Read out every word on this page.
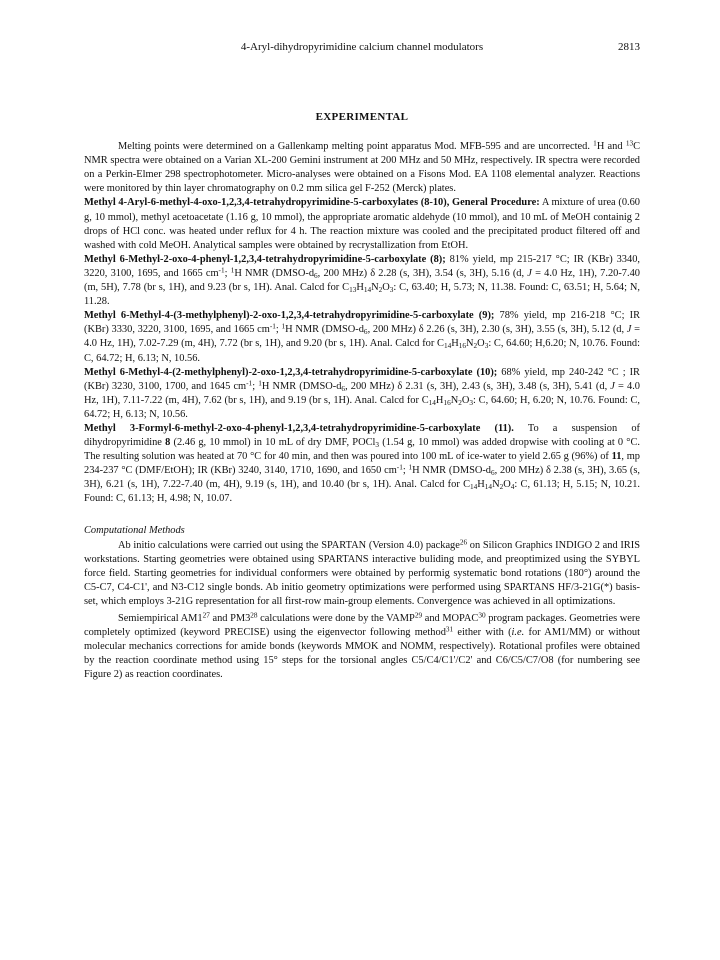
4-Aryl-dihydropyrimidine calcium channel modulators	2813
EXPERIMENTAL

Melting points were determined on a Gallenkamp melting point apparatus Mod. MFB-595 and are uncorrected. $^1$H and $^{13}$C NMR spectra were obtained on a Varian XL-200 Gemini instrument at 200 MHz and 50 MHz, respectively. IR spectra were recorded on a Perkin-Elmer 298 spectrophotometer. Micro-analyses were obtained on a Fisons Mod. EA 1108 elemental analyzer. Reactions were monitored by thin layer chromatography on 0.2 mm silica gel F-252 (Merck) plates.

Methyl 4-Aryl-6-methyl-4-oxo-1,2,3,4-tetrahydropyrimidine-5-carboxylates (8-10), General Procedure: A mixture of urea (0.60 g, 10 mmol), methyl acetoacetate (1.16 g, 10 mmol), the appropriate aromatic aldehyde (10 mmol), and 10 mL of MeOH containig 2 drops of HCl conc. was heated under reflux for 4 h. The reaction mixture was cooled and the precipitated product filtered off and washed with cold MeOH. Analytical samples were obtained by recrystallization from EtOH.

Methyl 6-Methyl-2-oxo-4-phenyl-1,2,3,4-tetrahydropyrimidine-5-carboxylate (8); 81% yield, mp 215-217 °C; IR (KBr) 3340, 3220, 3100, 1695, and 1665 $cm^{-1}$; $^1$H NMR ($DMSO-d_6$, 200 MHz) δ 2.28 (s, 3H), 3.54 (s, 3H), 5.16 (d, J = 4.0 Hz, 1H), 7.20-7.40 (m, 5H), 7.78 (br s, 1H), and 9.23 (br s, 1H). Anal. Calcd for $C_{13}H_{14}N_2O_3$: C, 63.40; H, 5.73; N, 11.38. Found: C, 63.51; H, 5.64; N, 11.28.

Methyl 6-Methyl-4-(3-methylphenyl)-2-oxo-1,2,3,4-tetrahydropyrimidine-5-carboxylate (9); 78% yield, mp 216-218 °C; IR (KBr) 3330, 3220, 3100, 1695, and 1665 $cm^{-1}$; $^1$H NMR ($DMSO-d_6$, 200 MHz) δ 2.26 (s, 3H), 2.30 (s, 3H), 3.55 (s, 3H), 5.12 (d, J = 4.0 Hz, 1H), 7.02-7.29 (m, 4H), 7.72 (br s, 1H), and 9.20 (br s, 1H). Anal. Calcd for $C_{14}H_{16}N_2O_3$: C, 64.60; H,6.20; N, 10.76. Found: C, 64.72; H, 6.13; N, 10.56.

Methyl 6-Methyl-4-(2-methylphenyl)-2-oxo-1,2,3,4-tetrahydropyrimidine-5-carboxylate (10); 68% yield, mp 240-242 °C ; IR (KBr) 3230, 3100, 1700, and 1645 $cm^{-1}$; $^1$H NMR ($DMSO-d_6$, 200 MHz) δ 2.31 (s, 3H), 2.43 (s, 3H), 3.48 (s, 3H), 5.41 (d, J = 4.0 Hz, 1H), 7.11-7.22 (m, 4H), 7.62 (br s, 1H), and 9.19 (br s, 1H). Anal. Calcd for $C_{14}H_{16}N_2O_3$: C, 64.60; H, 6.20; N, 10.76. Found: C, 64.72; H, 6.13; N, 10.56.

Methyl 3-Formyl-6-methyl-2-oxo-4-phenyl-1,2,3,4-tetrahydropyrimidine-5-carboxylate (11). To a suspension of dihydropyrimidine 8 (2.46 g, 10 mmol) in 10 mL of dry DMF, POCl$_3$ (1.54 g, 10 mmol) was added dropwise with cooling at 0 °C. The resulting solution was heated at 70 °C for 40 min, and then was poured into 100 mL of ice-water to yield 2.65 g (96%) of 11, mp 234-237 °C (DMF/EtOH); IR (KBr) 3240, 3140, 1710, 1690, and 1650 $cm^{-1}$; $^1$H NMR ($DMSO-d_6$, 200 MHz) δ 2.38 (s, 3H), 3.65 (s, 3H), 6.21 (s, 1H), 7.22-7.40 (m, 4H), 9.19 (s, 1H), and 10.40 (br s, 1H). Anal. Calcd for $C_{14}H_{14}N_2O_4$: C, 61.13; H, 5.15; N, 10.21. Found: C, 61.13; H, 4.98; N, 10.07.

Computational Methods

Ab initio calculations were carried out using the SPARTAN (Version 4.0) package$^{26}$ on Silicon Graphics INDIGO 2 and IRIS workstations. Starting geometries were obtained using SPARTANS interactive buliding mode, and preoptimized using the SYBYL force field. Starting geometries for individual conformers were obtained by performig systematic bond rotations (180°) around the C5-C7, C4-C1', and N3-C12 single bonds. Ab initio geometry optimizations were performed using SPARTANS HF/3-21G(*) basis-set, which employs 3-21G representation for all first-row main-group elements. Convergence was achieved in all optimizations.

Semiempirical $AM1^{27}$ and $PM3^{28}$ calculations were done by the VAMP$^{29}$ and MOPAC$^{30}$ program packages. Geometries were completely optimized (keyword PRECISE) using the eigenvector following method$^{31}$ either with (i.e. for AM1/MM) or without molecular mechanics corrections for amide bonds (keywords MMOK and NOMM, respectively). Rotational profiles were obtained by the reaction coordinate method using 15° steps for the torsional angles C5/C4/C1'/C2' and C6/C5/C7/O8 (for numbering see Figure 2) as reaction coordinates.
